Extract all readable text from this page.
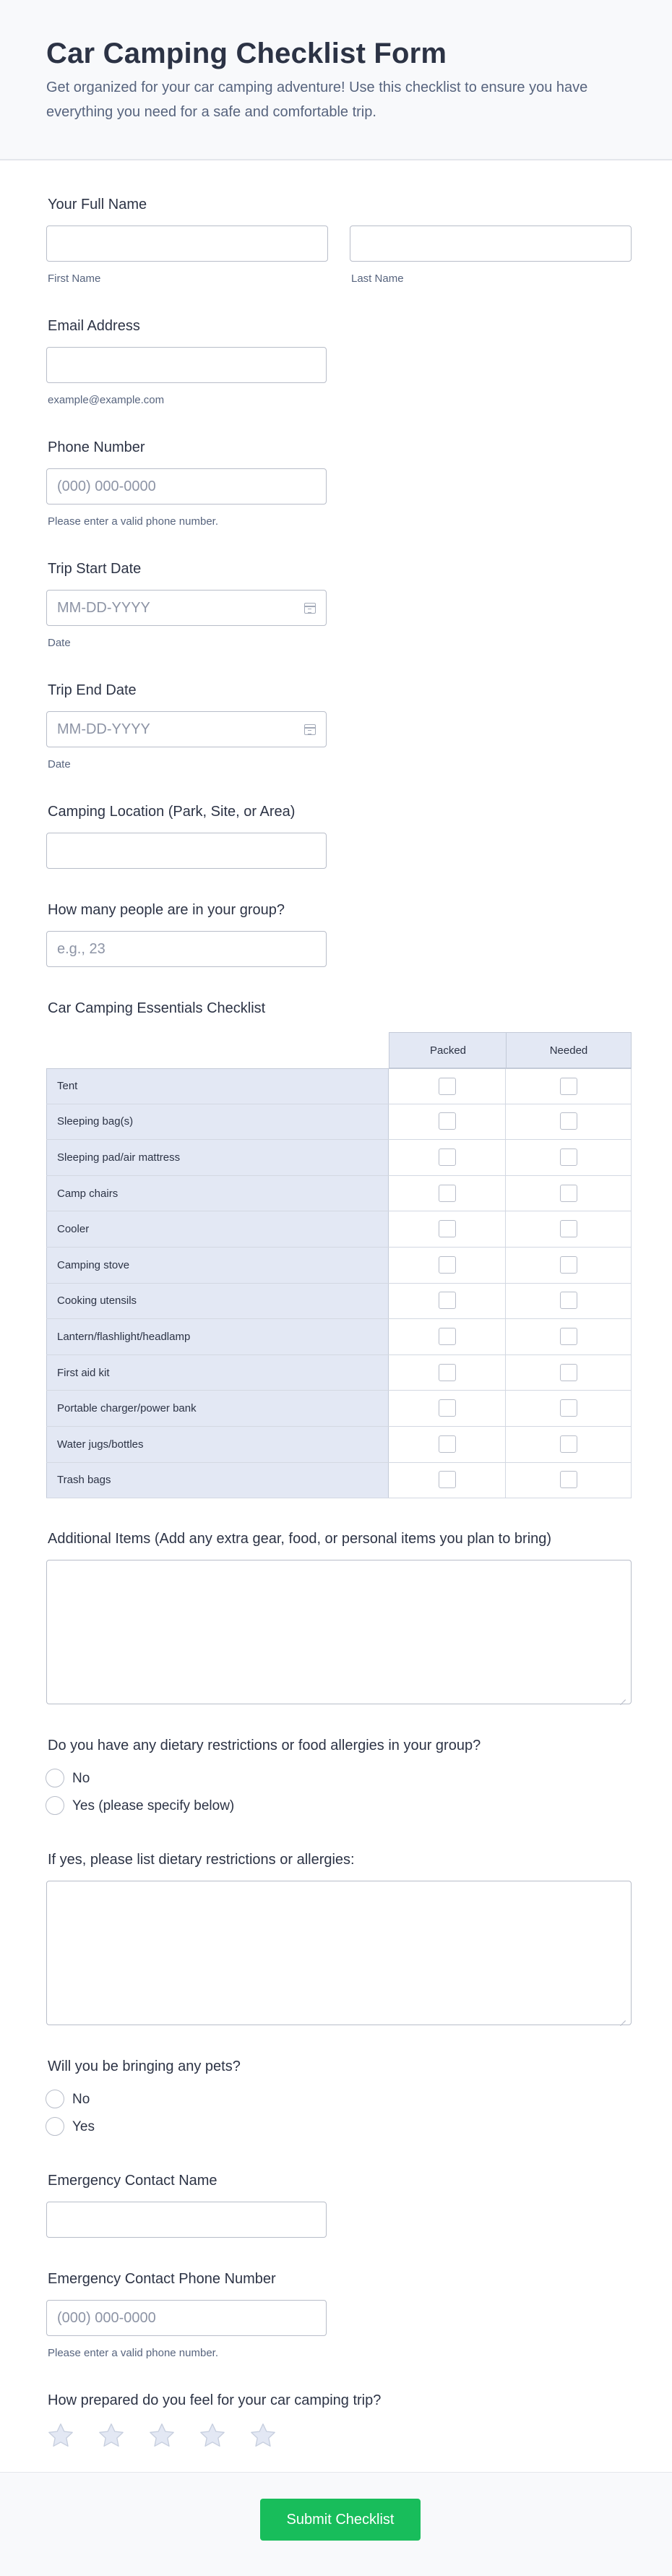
Car Camping Checklist Form
Get organized for your car camping adventure! Use this checklist to ensure you have everything you need for a safe and comfortable trip.
Your Full Name
First Name	Last Name
Email Address
example@example.com
Phone Number
(000) 000-0000
Please enter a valid phone number.
Trip Start Date
MM-DD-YYYY
Date
Trip End Date
MM-DD-YYYY
Date
Camping Location (Park, Site, or Area)
How many people are in your group?
e.g., 23
Car Camping Essentials Checklist
Packed	Needed
Tent
Sleeping bag(s)
Sleeping pad/air mattress
Camp chairs
Cooler
Camping stove
Cooking utensils
Lantern/flashlight/headlamp
First aid kit
Portable charger/power bank
Water jugs/bottles
Trash bags
Additional Items (Add any extra gear, food, or personal items you plan to bring)
Do you have any dietary restrictions or food allergies in your group?
No
Yes (please specify below)
If yes, please list dietary restrictions or allergies:
Will you be bringing any pets?
No
Yes
Emergency Contact Name
Emergency Contact Phone Number
(000) 000-0000
Please enter a valid phone number.
How prepared do you feel for your car camping trip?
Submit Checklist
